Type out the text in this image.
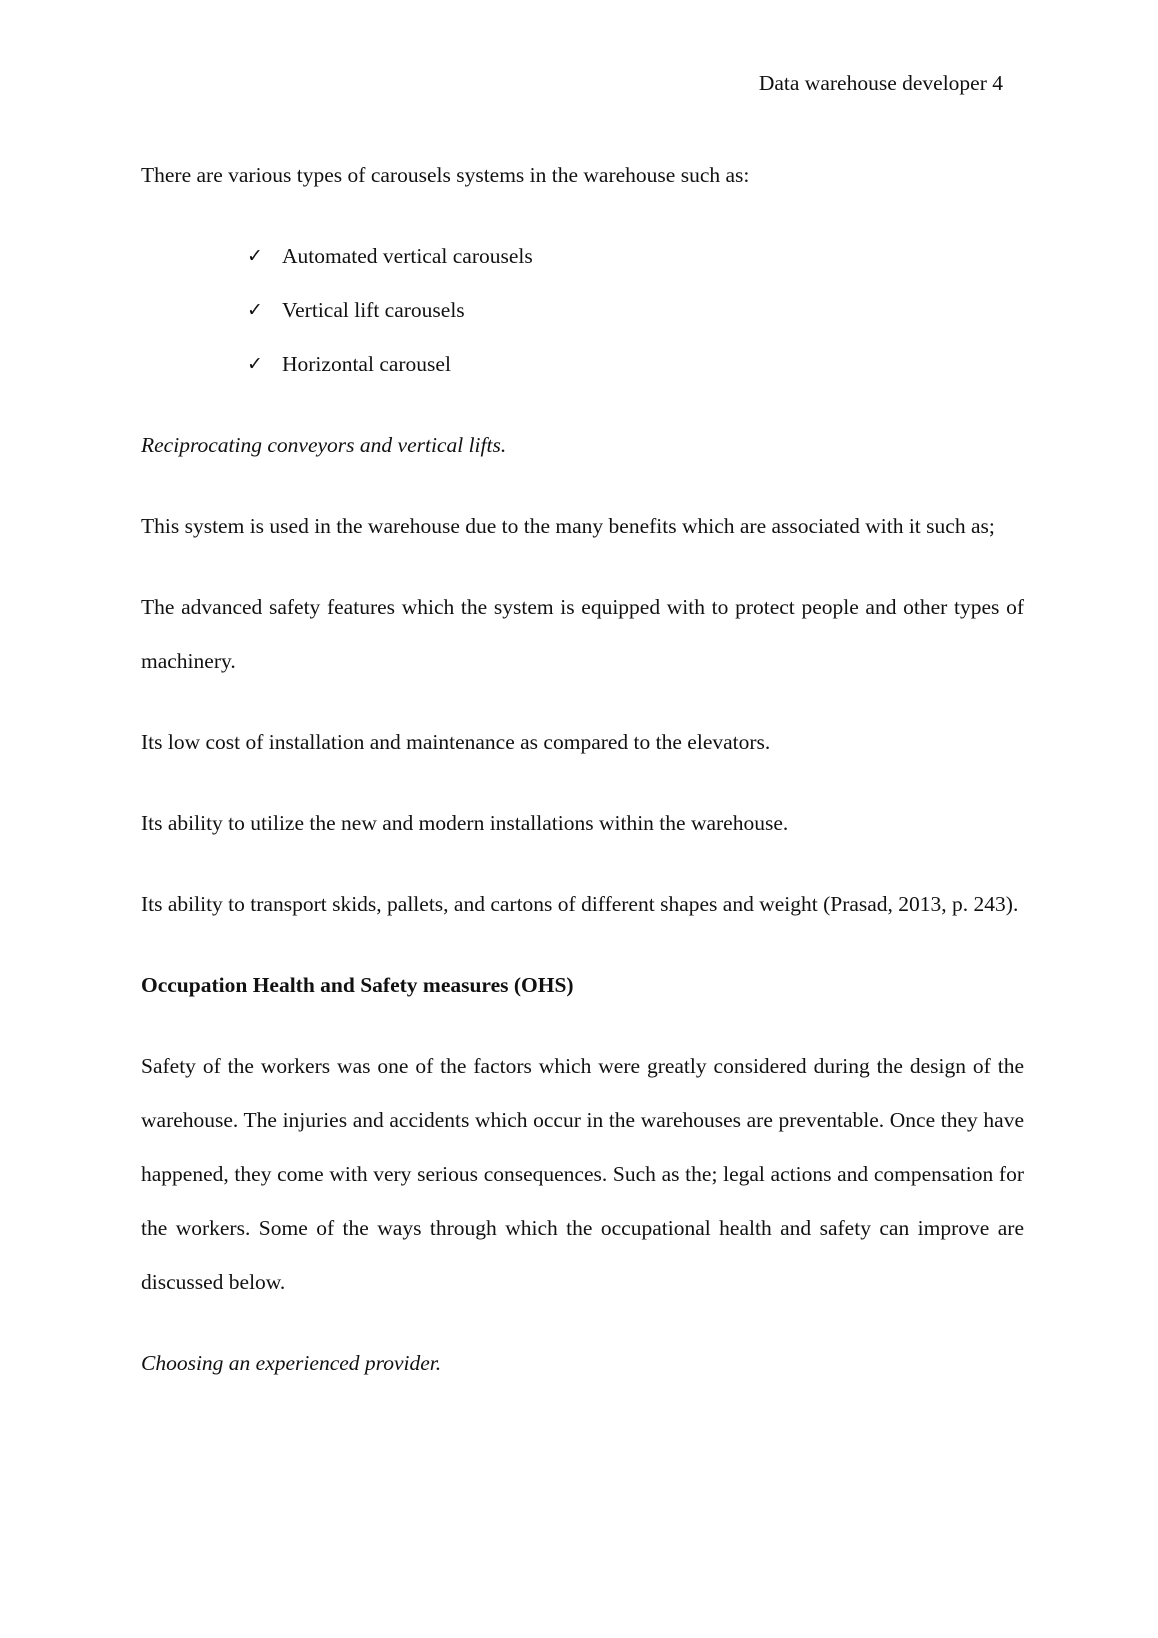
Data warehouse developer 4

There are various types of carousels systems in the warehouse such as:

✓ Automated vertical carousels
✓ Vertical lift carousels
✓ Horizontal carousel

Reciprocating conveyors and vertical lifts.

This system is used in the warehouse due to the many benefits which are associated with it such as;

The advanced safety features which the system is equipped with to protect people and other types of machinery.

Its low cost of installation and maintenance as compared to the elevators.

Its ability to utilize the new and modern installations within the warehouse.

Its ability to transport skids, pallets, and cartons of different shapes and weight (Prasad, 2013, p. 243).

Occupation Health and Safety measures (OHS)

Safety of the workers was one of the factors which were greatly considered during the design of the warehouse. The injuries and accidents which occur in the warehouses are preventable. Once they have happened, they come with very serious consequences. Such as the; legal actions and compensation for the workers. Some of the ways through which the occupational health and safety can improve are discussed below.

Choosing an experienced provider.
